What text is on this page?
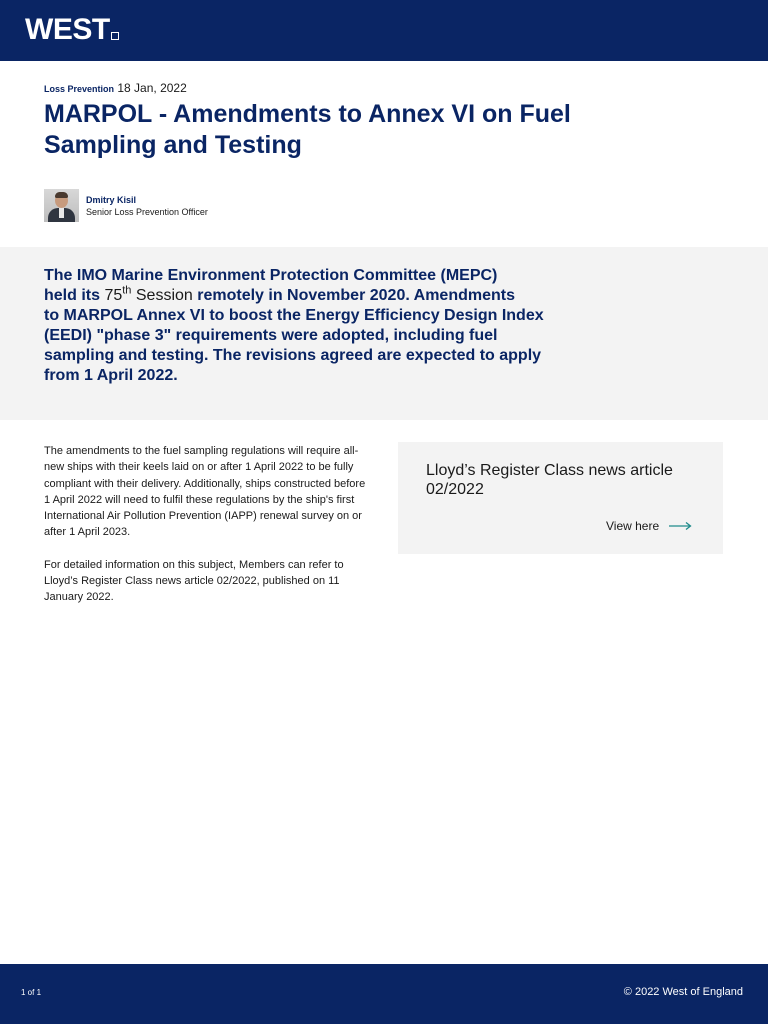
WEST
Loss Prevention 18 Jan, 2022
MARPOL - Amendments to Annex VI on Fuel
Sampling and Testing
Dmitry Kisil
Senior Loss Prevention Officer

The IMO Marine Environment Protection Committee (MEPC)
held its 75th Session remotely in November 2020. Amendments
to MARPOL Annex VI to boost the Energy Efficiency Design Index (EEDI) "phase 3" requirements were adopted, including fuel sampling and testing. The revisions agreed are expected to apply from 1 April 2022.

The amendments to the fuel sampling regulations will require all-new ships with their keels laid on or after 1 April 2022 to be fully compliant with their delivery. Additionally, ships constructed before 1 April 2022 will need to fulfil these regulations by the ship's first International Air Pollution Prevention (IAPP) renewal survey on or after 1 April 2023.

For detailed information on this subject, Members can refer to Lloyd’s Register Class news article 02/2022, published on 11 January 2022.

Lloyd’s Register Class news article 02/2022
View here
1 of 1	© 2022 West of England
